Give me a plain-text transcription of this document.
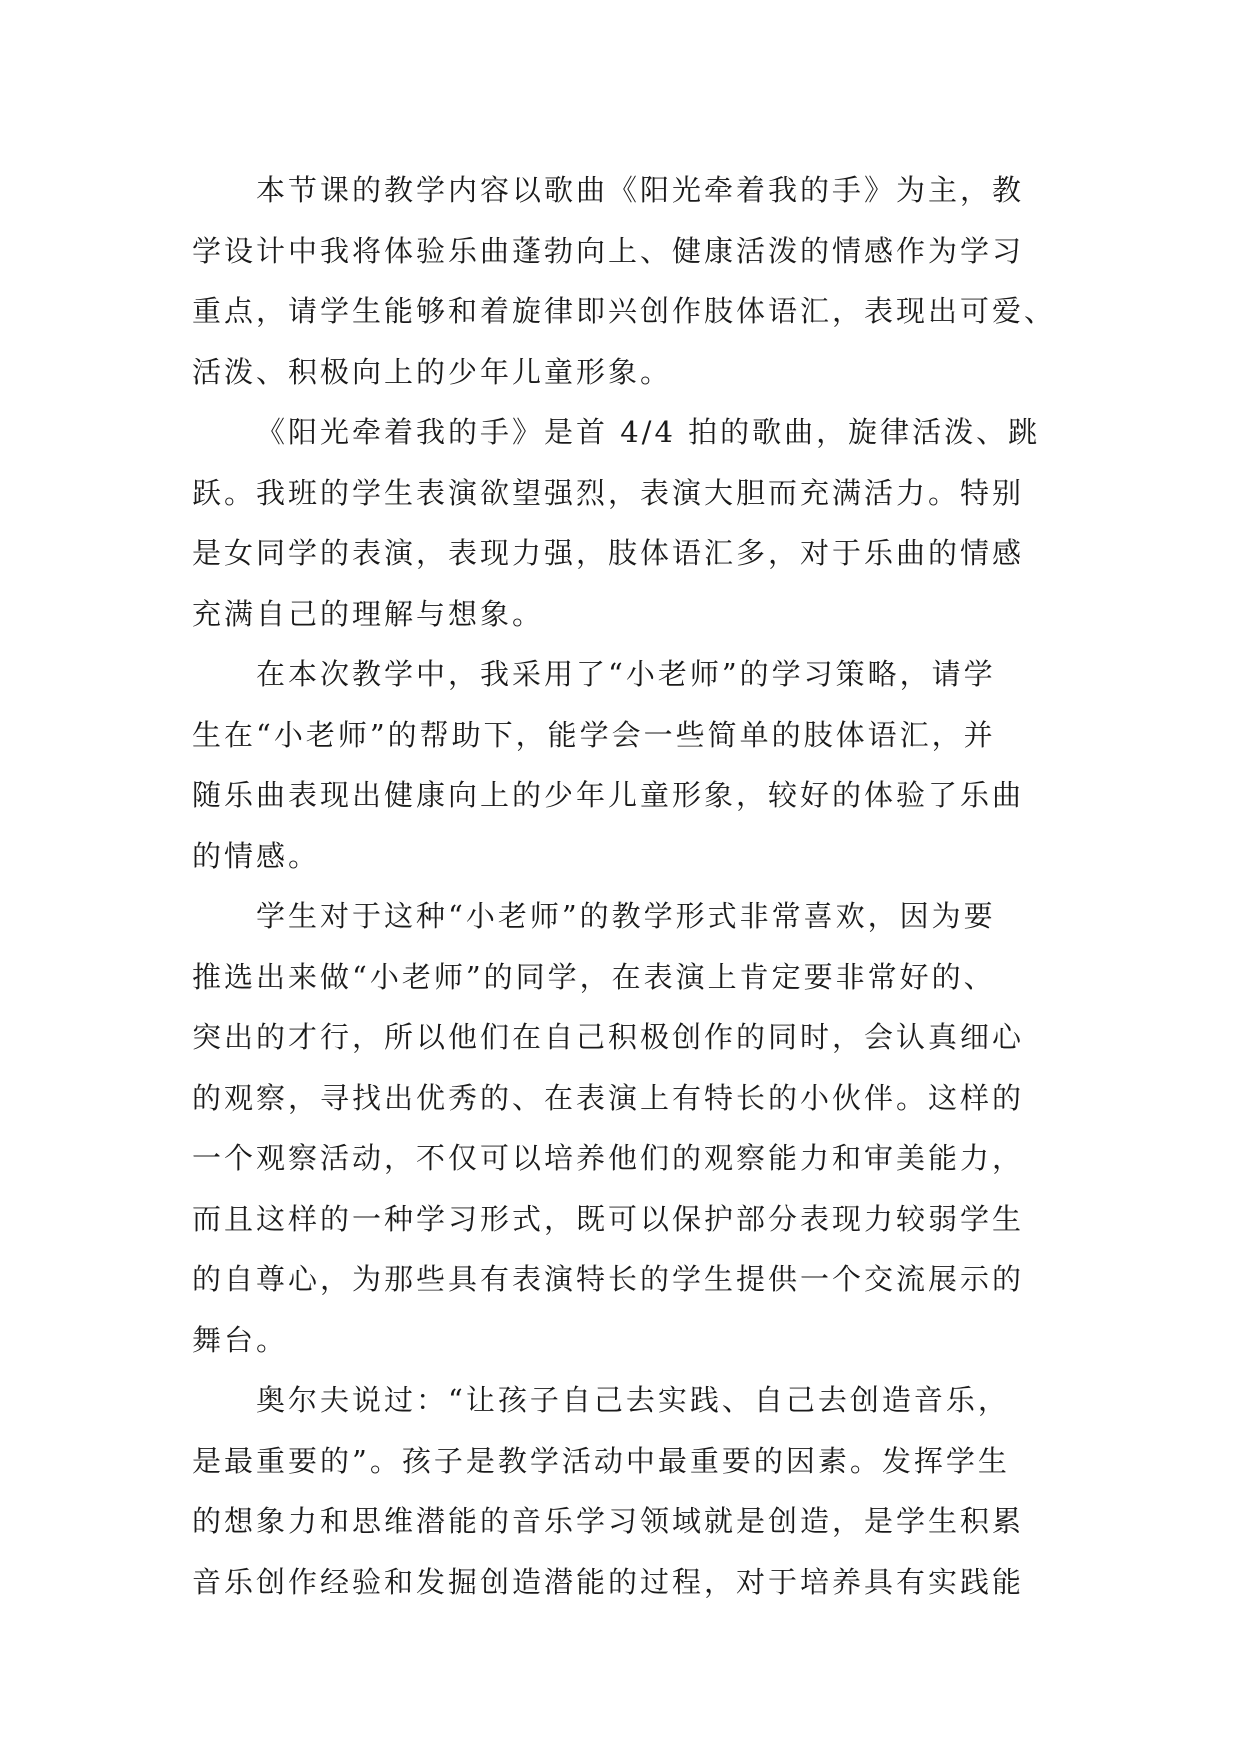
本节课的教学内容以歌曲《阳光牵着我的手》为主，教
学设计中我将体验乐曲蓬勃向上、健康活泼的情感作为学习
重点，请学生能够和着旋律即兴创作肢体语汇，表现出可爱、
活泼、积极向上的少年儿童形象。

《阳光牵着我的手》是首 4/4 拍的歌曲，旋律活泼、跳
跃。我班的学生表演欲望强烈，表演大胆而充满活力。特别
是女同学的表演，表现力强，肢体语汇多，对于乐曲的情感
充满自己的理解与想象。

在本次教学中，我采用了“小老师”的学习策略，请学
生在“小老师”的帮助下，能学会一些简单的肢体语汇，并
随乐曲表现出健康向上的少年儿童形象，较好的体验了乐曲
的情感。

学生对于这种“小老师”的教学形式非常喜欢，因为要
推选出来做“小老师”的同学，在表演上肯定要非常好的、
突出的才行，所以他们在自己积极创作的同时，会认真细心
的观察，寻找出优秀的、在表演上有特长的小伙伴。这样的
一个观察活动，不仅可以培养他们的观察能力和审美能力，
而且这样的一种学习形式，既可以保护部分表现力较弱学生
的自尊心，为那些具有表演特长的学生提供一个交流展示的
舞台。

奥尔夫说过：“让孩子自己去实践、自己去创造音乐，
是最重要的”。孩子是教学活动中最重要的因素。发挥学生
的想象力和思维潜能的音乐学习领域就是创造，是学生积累
音乐创作经验和发掘创造潜能的过程，对于培养具有实践能
